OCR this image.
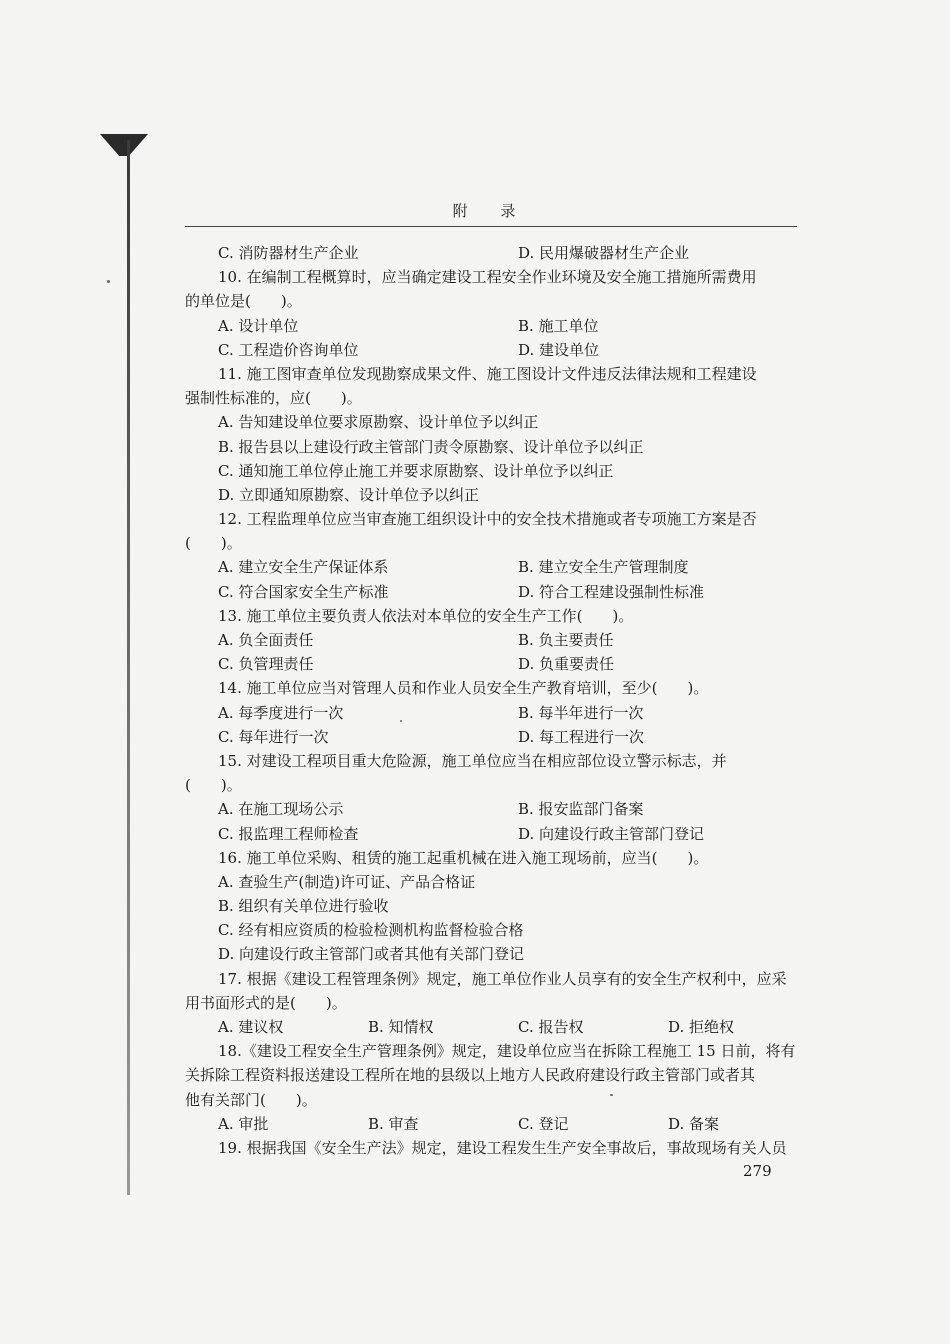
附 录
C. 消防器材生产企业	D. 民用爆破器材生产企业
10. 在编制工程概算时，应当确定建设工程安全作业环境及安全施工措施所需费用
的单位是(　　)。
A. 设计单位	B. 施工单位
C. 工程造价咨询单位	D. 建设单位
11. 施工图审查单位发现勘察成果文件、施工图设计文件违反法律法规和工程建设
强制性标准的，应(　　)。
A. 告知建设单位要求原勘察、设计单位予以纠正
B. 报告县以上建设行政主管部门责令原勘察、设计单位予以纠正
C. 通知施工单位停止施工并要求原勘察、设计单位予以纠正
D. 立即通知原勘察、设计单位予以纠正
12. 工程监理单位应当审查施工组织设计中的安全技术措施或者专项施工方案是否
(　　)。
A. 建立安全生产保证体系	B. 建立安全生产管理制度
C. 符合国家安全生产标准	D. 符合工程建设强制性标准
13. 施工单位主要负责人依法对本单位的安全生产工作(　　)。
A. 负全面责任	B. 负主要责任
C. 负管理责任	D. 负重要责任
14. 施工单位应当对管理人员和作业人员安全生产教育培训，至少(　　)。
A. 每季度进行一次	B. 每半年进行一次
C. 每年进行一次	D. 每工程进行一次
15. 对建设工程项目重大危险源，施工单位应当在相应部位设立警示标志，并
(　　)。
A. 在施工现场公示	B. 报安监部门备案
C. 报监理工程师检查	D. 向建设行政主管部门登记
16. 施工单位采购、租赁的施工起重机械在进入施工现场前，应当(　　)。
A. 查验生产(制造)许可证、产品合格证
B. 组织有关单位进行验收
C. 经有相应资质的检验检测机构监督检验合格
D. 向建设行政主管部门或者其他有关部门登记
17. 根据《建设工程管理条例》规定，施工单位作业人员享有的安全生产权利中，应采
用书面形式的是(　　)。
A. 建议权	B. 知情权	C. 报告权	D. 拒绝权
18.《建设工程安全生产管理条例》规定，建设单位应当在拆除工程施工 15 日前，将有
关拆除工程资料报送建设工程所在地的县级以上地方人民政府建设行政主管部门或者其
他有关部门(　　)。
A. 审批	B. 审查	C. 登记	D. 备案
19. 根据我国《安全生产法》规定，建设工程发生生产安全事故后，事故现场有关人员
279
